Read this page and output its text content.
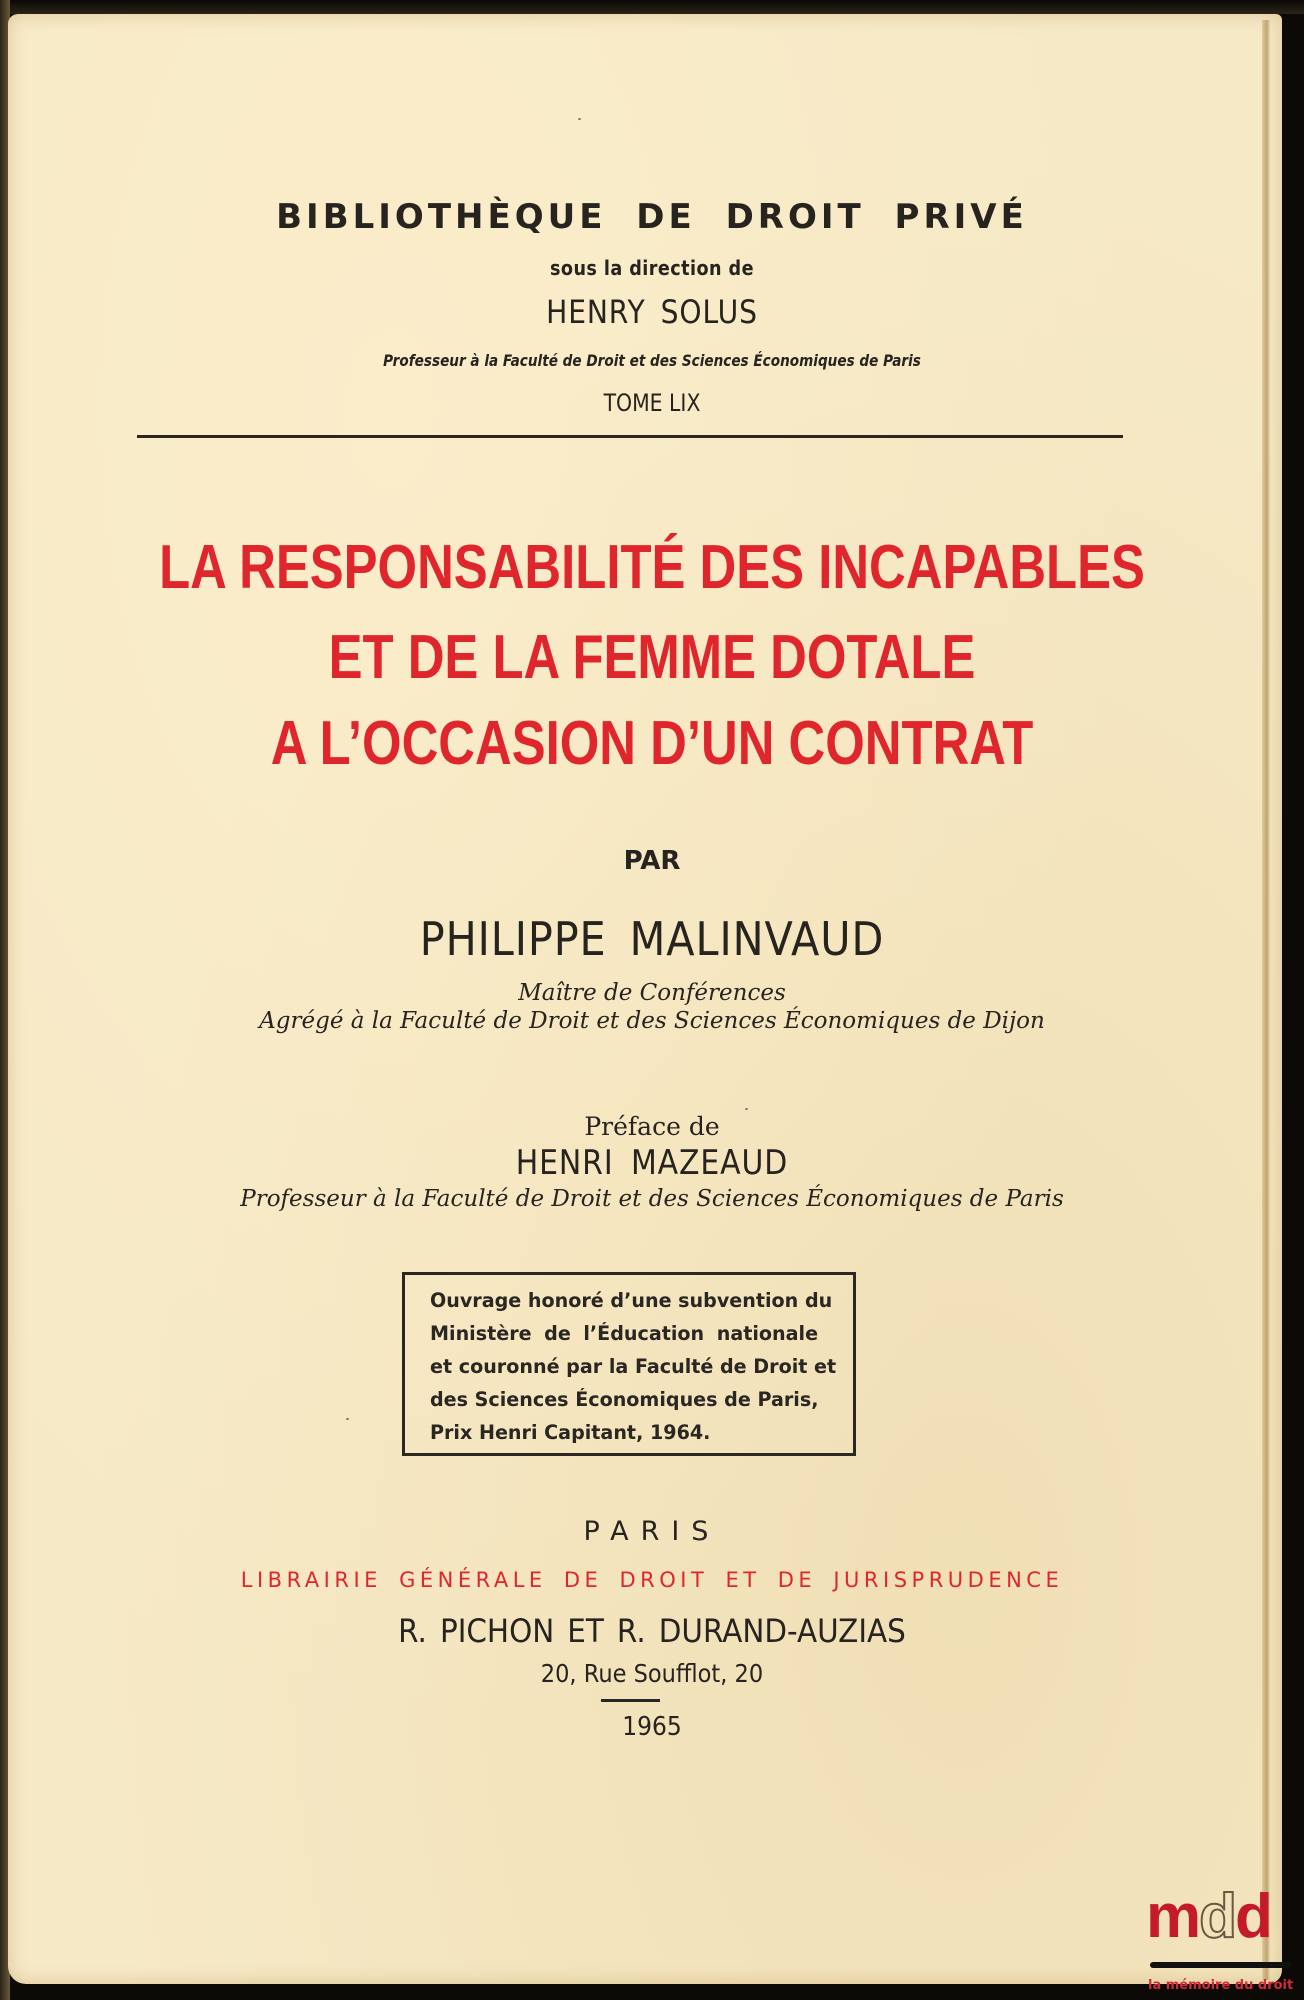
BIBLIOTHÈQUE DE DROIT PRIVÉ
sous la direction de
HENRY SOLUS
Professeur à la Faculté de Droit et des Sciences Économiques de Paris
TOME LIX
LA RESPONSABILITÉ DES INCAPABLES
ET DE LA FEMME DOTALE
A L’OCCASION D’UN CONTRAT
PAR
PHILIPPE MALINVAUD
Maître de Conférences
Agrégé à la Faculté de Droit et des Sciences Économiques de Dijon
Préface de
HENRI MAZEAUD
Professeur à la Faculté de Droit et des Sciences Économiques de Paris
Ouvrage honoré d’une subvention du
Ministère de l’Éducation nationale
et couronné par la Faculté de Droit et
des Sciences Économiques de Paris,
Prix Henri Capitant, 1964.
PARIS
LIBRAIRIE GÉNÉRALE DE DROIT ET DE JURISPRUDENCE
R. PICHON ET R. DURAND-AUZIAS
20, Rue Soufflot, 20
1965
mdd
la mémoire du droit
